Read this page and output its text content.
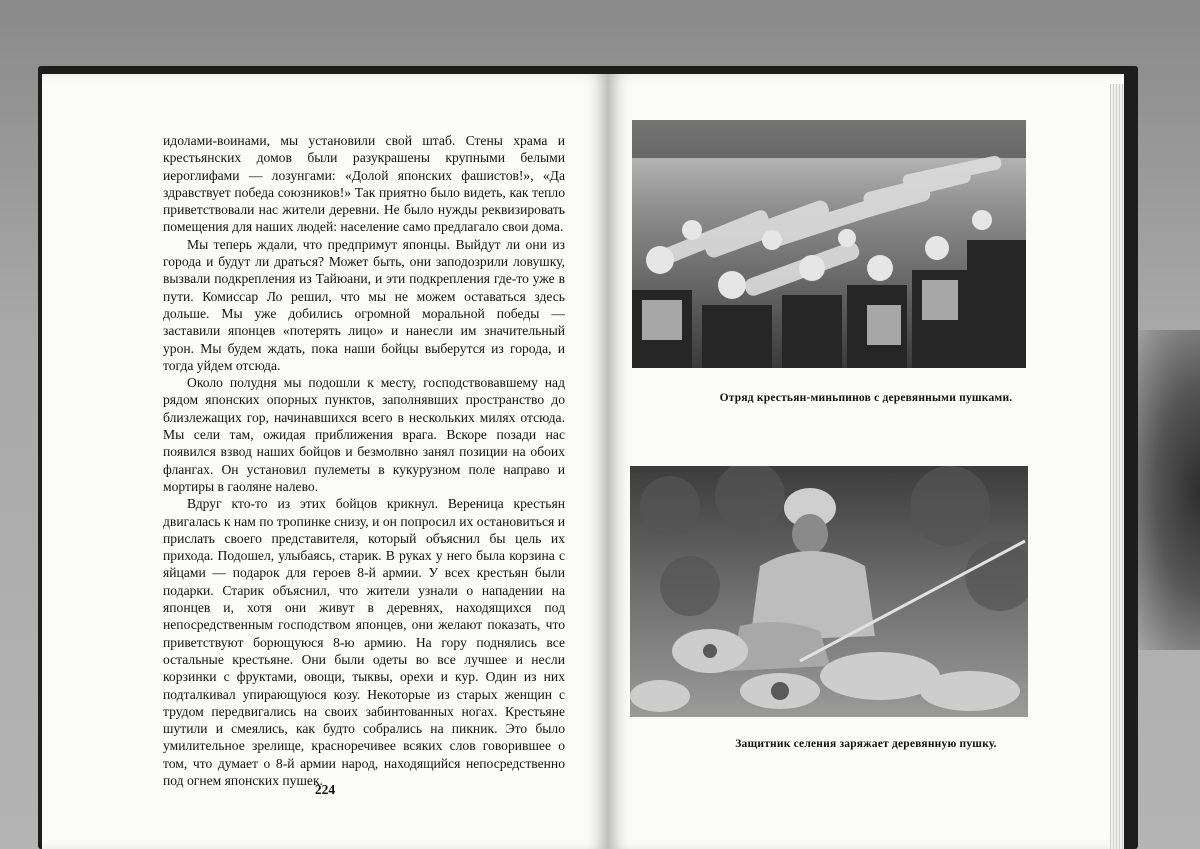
идолами-воинами, мы установили свой штаб. Стены храма и крестьянских домов были разукрашены крупными белыми иероглифами — лозунгами: «Долой японских фашистов!», «Да здравствует победа союзников!» Так приятно было видеть, как тепло приветствовали нас жители деревни. Не было нужды реквизировать помещения для наших людей: население само предлагало свои дома.

Мы теперь ждали, что предпримут японцы. Выйдут ли они из города и будут ли драться? Может быть, они заподозрили ловушку, вызвали подкрепления из Тайюани, и эти подкрепления где-то уже в пути. Комиссар Ло решил, что мы не можем оставаться здесь дольше. Мы уже добились огромной моральной победы — заставили японцев «потерять лицо» и нанесли им значительный урон. Мы будем ждать, пока наши бойцы выберутся из города, и тогда уйдем отсюда.

Около полудня мы подошли к месту, господствовавшему над рядом японских опорных пунктов, заполнявших пространство до близлежащих гор, начинавшихся всего в нескольких милях отсюда. Мы сели там, ожидая приближения врага. Вскоре позади нас появился взвод наших бойцов и безмолвно занял позиции на обоих флангах. Он установил пулеметы в кукурузном поле направо и мортиры в гаоляне налево.

Вдруг кто-то из этих бойцов крикнул. Вереница крестьян двигалась к нам по тропинке снизу, и он попросил их остановиться и прислать своего представителя, который объяснил бы цель их прихода. Подошел, улыбаясь, старик. В руках у него была корзина с яйцами — подарок для героев 8-й армии. У всех крестьян были подарки. Старик объяснил, что жители узнали о нападении на японцев и, хотя они живут в деревнях, находящихся под непосредственным господством японцев, они желают показать, что приветствуют борющуюся 8-ю армию. На гору поднялись все остальные крестьяне. Они были одеты во все лучшее и несли корзинки с фруктами, овощи, тыквы, орехи и кур. Один из них подталкивал упирающуюся козу. Некоторые из старых женщин с трудом передвигались на своих забинтованных ногах. Крестьяне шутили и смеялись, как будто собрались на пикник. Это было умилительное зрелище, красноречивее всяких слов говорившее о том, что думает о 8-й армии народ, находящийся непосредственно под огнем японских пушек.

224
Отряд крестьян-миньпинов с деревянными пушками.
Защитник селения заряжает деревянную пушку.
